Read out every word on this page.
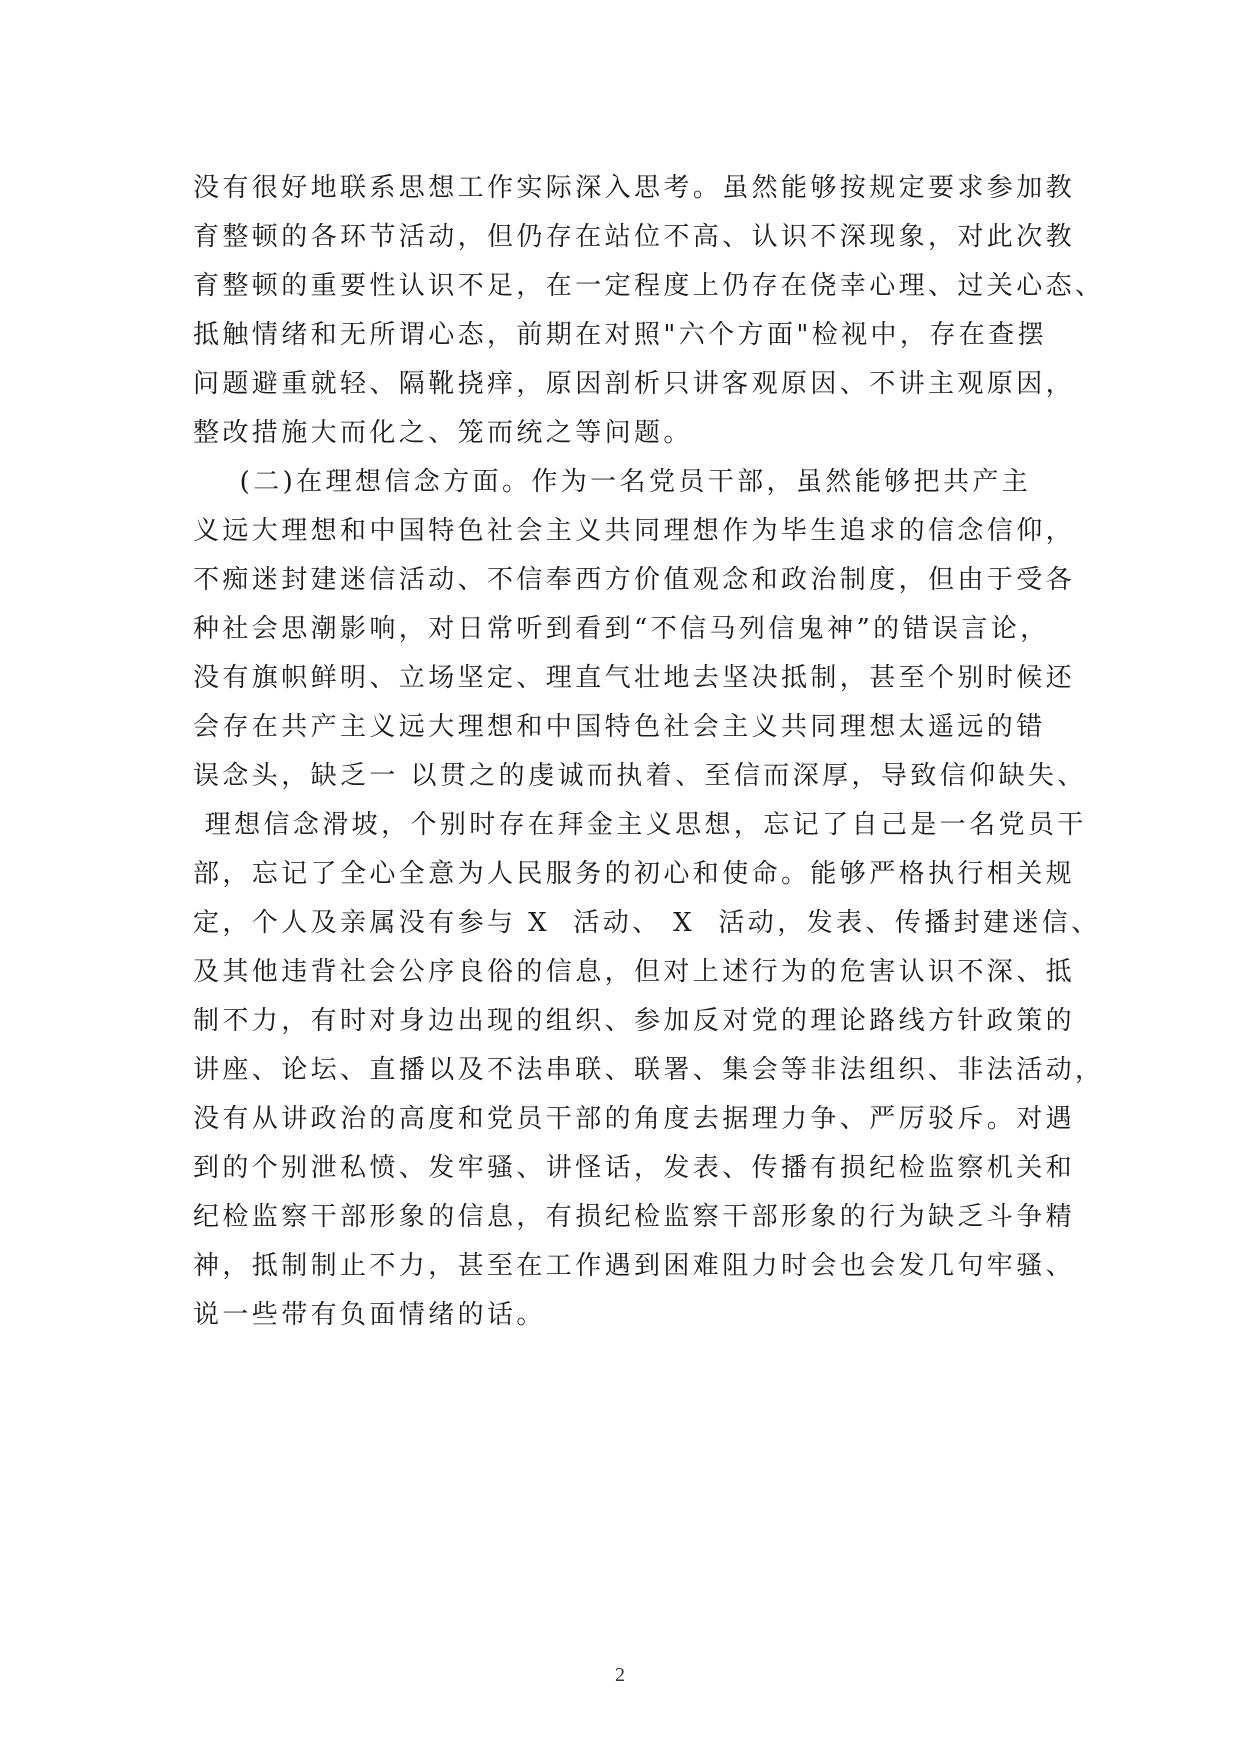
没有很好地联系思想工作实际深入思考。虽然能够按规定要求参加教
育整顿的各环节活动，但仍存在站位不高、认识不深现象，对此次教
育整顿的重要性认识不足，在一定程度上仍存在侥幸心理、过关心态、
抵触情绪和无所谓心态，前期在对照"六个方面"检视中，存在查摆
问题避重就轻、隔靴挠痒，原因剖析只讲客观原因、不讲主观原因，
整改措施大而化之、笼而统之等问题。
(二)在理想信念方面。作为一名党员干部，虽然能够把共产主
义远大理想和中国特色社会主义共同理想作为毕生追求的信念信仰，
不痴迷封建迷信活动、不信奉西方价值观念和政治制度，但由于受各
种社会思潮影响，对日常听到看到“不信马列信鬼神”的错误言论，
没有旗帜鲜明、立场坚定、理直气壮地去坚决抵制，甚至个别时候还
会存在共产主义远大理想和中国特色社会主义共同理想太遥远的错
误念头，缺乏一 以贯之的虔诚而执着、至信而深厚，导致信仰缺失、
理想信念滑坡，个别时存在拜金主义思想，忘记了自己是一名党员干
部，忘记了全心全意为人民服务的初心和使命。能够严格执行相关规
定，个人及亲属没有参与 X  活动、 X  活动，发表、传播封建迷信、
及其他违背社会公序良俗的信息，但对上述行为的危害认识不深、抵
制不力，有时对身边出现的组织、参加反对党的理论路线方针政策的
讲座、论坛、直播以及不法串联、联署、集会等非法组织、非法活动，
没有从讲政治的高度和党员干部的角度去据理力争、严厉驳斥。对遇
到的个别泄私愤、发牢骚、讲怪话，发表、传播有损纪检监察机关和
纪检监察干部形象的信息，有损纪检监察干部形象的行为缺乏斗争精
神，抵制制止不力，甚至在工作遇到困难阻力时会也会发几句牢骚、
说一些带有负面情绪的话。
2
